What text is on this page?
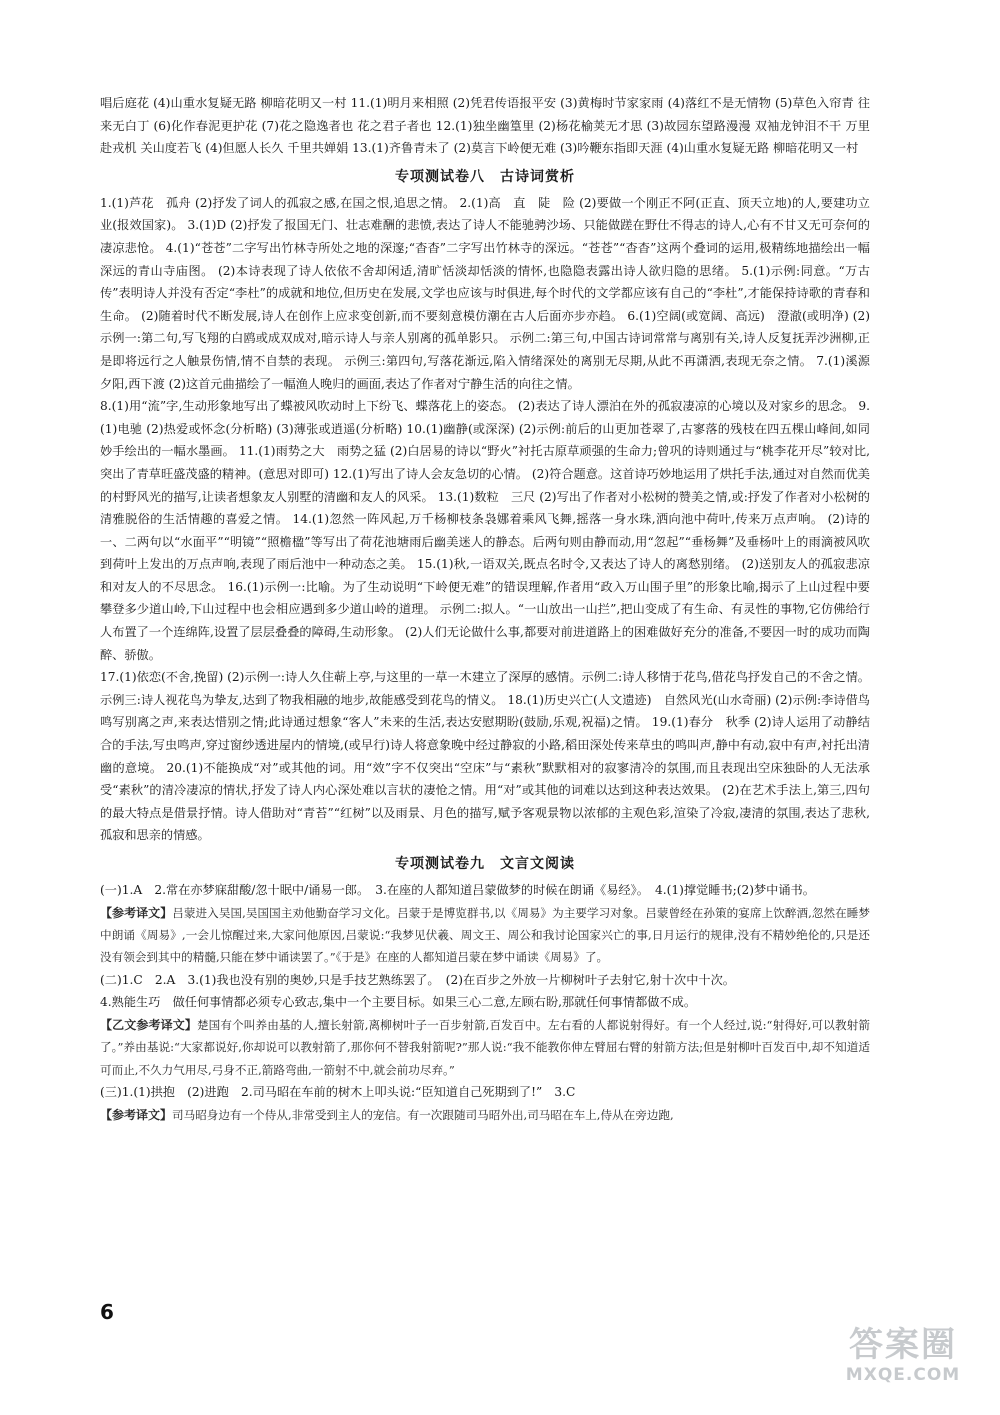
唱后庭花 (4)山重水复疑无路 柳暗花明又一村 11.(1)明月来相照 (2)凭君传语报平安 (3)黄梅时节家家雨 (4)落红不是无情物 (5)草色入帘青 往来无白丁 (6)化作春泥更护花 (7)花之隐逸者也 花之君子者也 12.(1)独坐幽篁里 (2)杨花榆荚无才思 (3)故园东望路漫漫 双袖龙钟泪不干 万里赴戎机 关山度若飞 (4)但愿人长久 千里共婵娟 13.(1)齐鲁青未了 (2)莫言下岭便无难 (3)吟鞭东指即天涯 (4)山重水复疑无路 柳暗花明又一村

专项测试卷八　古诗词赏析

1.(1)芦花　孤舟 (2)抒发了词人的孤寂之感,在国之恨,追思之情。 2.(1)高　直　陡　险 (2)要做一个刚正不阿(正直、顶天立地)的人,要建功立业(报效国家)。 3.(1)D (2)抒发了报国无门、壮志难酬的悲愤,表达了诗人不能驰骋沙场、只能做蹉在野仕不得志的诗人,心有不甘又无可奈何的凄凉悲怆。 4.(1)“苍苍”二字写出竹林寺所处之地的深邃;“杳杳”二字写出竹林寺的深远。“苍苍”“杳杳”这两个叠词的运用,极精练地描绘出一幅深远的青山寺庙图。 (2)本诗表现了诗人依依不舍却闲适,清旷恬淡却恬淡的情怀,也隐隐表露出诗人欲归隐的思绪。 5.(1)示例:同意。“万古传”表明诗人并没有否定“李杜”的成就和地位,但历史在发展,文学也应该与时俱进,每个时代的文学都应该有自己的“李杜”,才能保持诗歌的青春和生命。 (2)随着时代不断发展,诗人在创作上应求变创新,而不要刻意模仿潮在古人后面亦步亦趋。 6.(1)空阔(或宽阔、高远)　澄澈(或明净) (2)示例一:第二句,写飞翔的白鸥或成双成对,暗示诗人与亲人别离的孤单影只。 示例二:第三句,中国古诗词常常与离别有关,诗人反复抚弄沙洲柳,正是即将远行之人触景伤情,情不自禁的表现。 示例三:第四句,写落花渐远,陷入情绪深处的离别无尽期,从此不再潇洒,表现无奈之情。 7.(1)溪源　夕阳,西下渡 (2)这首元曲描绘了一幅渔人晚归的画面,表达了作者对宁静生活的向往之情。

8.(1)用“流”字,生动形象地写出了蝶被风吹动时上下纷飞、蝶落花上的姿态。 (2)表达了诗人漂泊在外的孤寂凄凉的心境以及对家乡的思念。 9.(1)电驰 (2)热爱或怀念(分析略) (3)薄张或逍遥(分析略) 10.(1)幽静(或深深) (2)示例:前后的山更加苍翠了,古寥落的残枝在四五棵山峰间,如同妙手绘出的一幅水墨画。 11.(1)雨势之大　雨势之猛 (2)白居易的诗以“野火”衬托古原草顽强的生命力;曾巩的诗则通过与“桃李花开尽”较对比,突出了青草旺盛茂盛的精神。(意思对即可) 12.(1)写出了诗人会友急切的心情。 (2)符合题意。这首诗巧妙地运用了烘托手法,通过对自然而优美的村野风光的描写,让读者想象友人别墅的清幽和友人的风采。 13.(1)数粒　三尺 (2)写出了作者对小松树的赞美之情,或:抒发了作者对小松树的清雅脱俗的生活情趣的喜爱之情。 14.(1)忽然一阵风起,万千杨柳枝条袅娜着乘风飞舞,摇落一身水珠,洒向池中荷叶,传来万点声响。 (2)诗的一、二两句以“水面平”“明镜”“照檐楹”等写出了荷花池塘雨后幽美迷人的静态。后两句则由静而动,用“忽起”“垂杨舞”及垂杨叶上的雨滴被风吹到荷叶上发出的万点声响,表现了雨后池中一种动态之美。 15.(1)秋,一语双关,既点名时令,又表达了诗人的离愁别绪。 (2)送别友人的孤寂悲凉和对友人的不尽思念。 16.(1)示例一:比喻。为了生动说明“下岭便无难”的错误理解,作者用“政入万山围子里”的形象比喻,揭示了上山过程中要攀登多少道山岭,下山过程中也会相应遇到多少道山岭的道理。 示例二:拟人。“一山放出一山拦”,把山变成了有生命、有灵性的事物,它仿佛给行人布置了一个连绵阵,设置了层层叠叠的障碍,生动形象。 (2)人们无论做什么事,都要对前进道路上的困难做好充分的准备,不要因一时的成功而陶醉、骄傲。

17.(1)依恋(不舍,挽留) (2)示例一:诗人久住蕲上亭,与这里的一草一木建立了深厚的感情。示例二:诗人移情于花鸟,借花鸟抒发自己的不舍之情。示例三:诗人视花鸟为挚友,达到了物我相融的地步,故能感受到花鸟的情义。 18.(1)历史兴亡(人文遗迹)　自然风光(山水奇丽) (2)示例:李诗借鸟鸣写别离之声,来表达惜别之情;此诗通过想象“客人”未来的生活,表达安慰期盼(鼓励,乐观,祝福)之情。 19.(1)春分　秋季 (2)诗人运用了动静结合的手法,写虫鸣声,穿过窗纱透进屋内的情境,(或早行)诗人将意象晚中经过静寂的小路,稻田深处传来草虫的鸣叫声,静中有动,寂中有声,衬托出清幽的意境。 20.(1)不能换成“对”或其他的词。用“效”字不仅突出“空床”与“素秋”默默相对的寂寥清冷的氛围,而且表现出空床独卧的人无法承受“素秋”的清冷凄凉的情状,抒发了诗人内心深处难以言状的凄怆之情。用“对”或其他的词难以达到这种表达效果。 (2)在艺术手法上,第三,四句的最大特点是借景抒情。诗人借助对“青苔”“红树”以及雨景、月色的描写,赋予客观景物以浓郁的主观色彩,渲染了冷寂,凄清的氛围,表达了悲秋,孤寂和思亲的情感。

专项测试卷九　文言文阅读

(一)1.A　2.常在亦梦寐甜酸/忽十眠中/诵易一郎。　3.在座的人都知道吕蒙做梦的时候在朗诵《易经》。　4.(1)撑觉睡书;(2)梦中诵书。

【参考译文】吕蒙进入吴国,吴国国主劝他勤奋学习文化。吕蒙于是博览群书,以《周易》为主要学习对象。吕蒙曾经在孙策的宴席上饮醉酒,忽然在睡梦中朗诵《周易》,一会儿惊醒过来,大家问他原因,吕蒙说:“我梦见伏羲、周文王、周公和我讨论国家兴亡的事,日月运行的规律,没有不精妙绝伦的,只是还没有领会到其中的精髓,只能在梦中诵读罢了。”《于是》在座的人都知道吕蒙在梦中诵读《周易》了。

(二)1.C　2.A　3.(1)我也没有别的奥妙,只是手技艺熟练罢了。　(2)在百步之外放一片柳树叶子去射它,射十次中十次。

4.熟能生巧　做任何事情都必须专心致志,集中一个主要目标。如果三心二意,左顾右盼,那就任何事情都做不成。

【乙文参考译文】楚国有个叫养由基的人,擅长射箭,离柳树叶子一百步射箭,百发百中。左右看的人都说射得好。有一个人经过,说:“射得好,可以教射箭了。”养由基说:“大家都说好,你却说可以教射箭了,那你何不替我射箭呢?”那人说:“我不能教你伸左臂屈右臂的射箭方法;但是射柳叶百发百中,却不知道适可而止,不久力气用尽,弓身不正,箭路弯曲,一箭射不中,就会前功尽弃。”

(三)1.(1)拱抱　(2)进跑　2.司马昭在车前的树木上叩头说:“臣知道自己死期到了!”　3.C

【参考译文】司马昭身边有一个侍从,非常受到主人的宠信。有一次跟随司马昭外出,司马昭在车上,侍从在旁边跑,

6
答案圈
MXQE.COM
